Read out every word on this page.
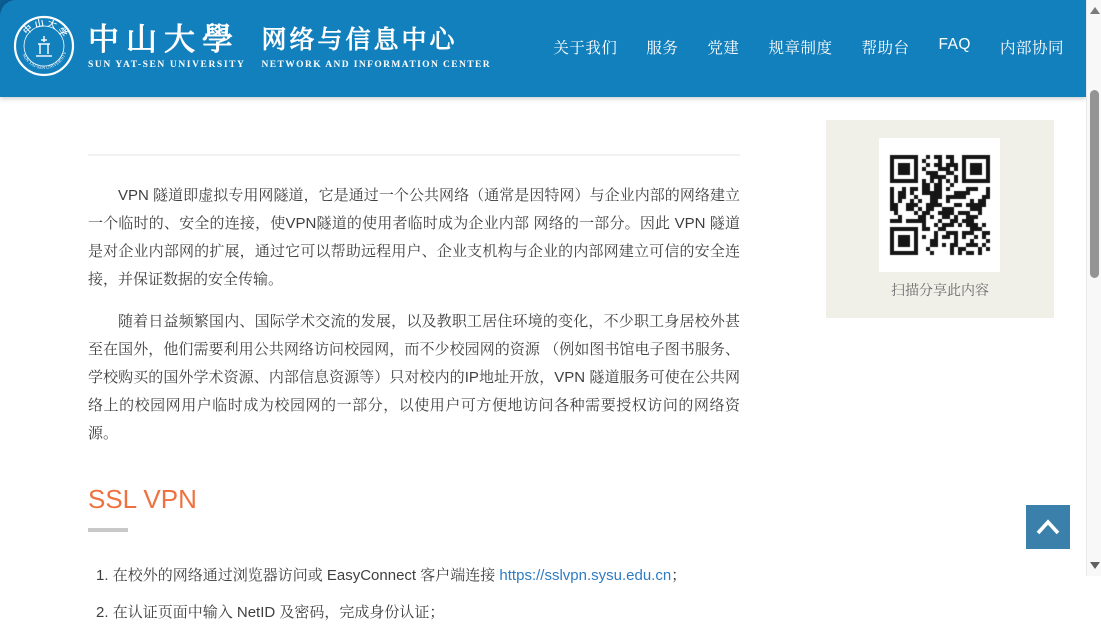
中 山 大 学
SUN YAT-SEN UNIVERSITY 中山大學
SUN YAT-SEN UNIVERSITY
网络与信息中心
NETWORK AND INFORMATION CENTER
关于我们 服务 党建 规章制度 帮助台 FAQ 内部协同

VPN 隧道即虚拟专用网隧道，它是通过一个公共网络（通常是因特网）与企业内部的网络建立一个临时的、安全的连接，使VPN隧道的使用者临时成为企业内部 网络的一部分。因此 VPN 隧道是对企业内部网的扩展，通过它可以帮助远程用户、企业支机构与企业的内部网建立可信的安全连接，并保证数据的安全传输。

随着日益频繁国内、国际学术交流的发展，以及教职工居住环境的变化，不少职工身居校外甚至在国外，他们需要利用公共网络访问校园网，而不少校园网的资源 （例如图书馆电子图书服务、学校购买的国外学术资源、内部信息资源等）只对校内的IP地址开放，VPN 隧道服务可使在公共网络上的校园网用户临时成为校园网的一部分，以使用户可方便地访问各种需要授权访问的网络资源。

SSL VPN
1. 在校外的网络通过浏览器访问或 EasyConnect 客户端连接 https://sslvpn.sysu.edu.cn；
2. 在认证页面中输入 NetID 及密码，完成身份认证；
扫描分享此内容
